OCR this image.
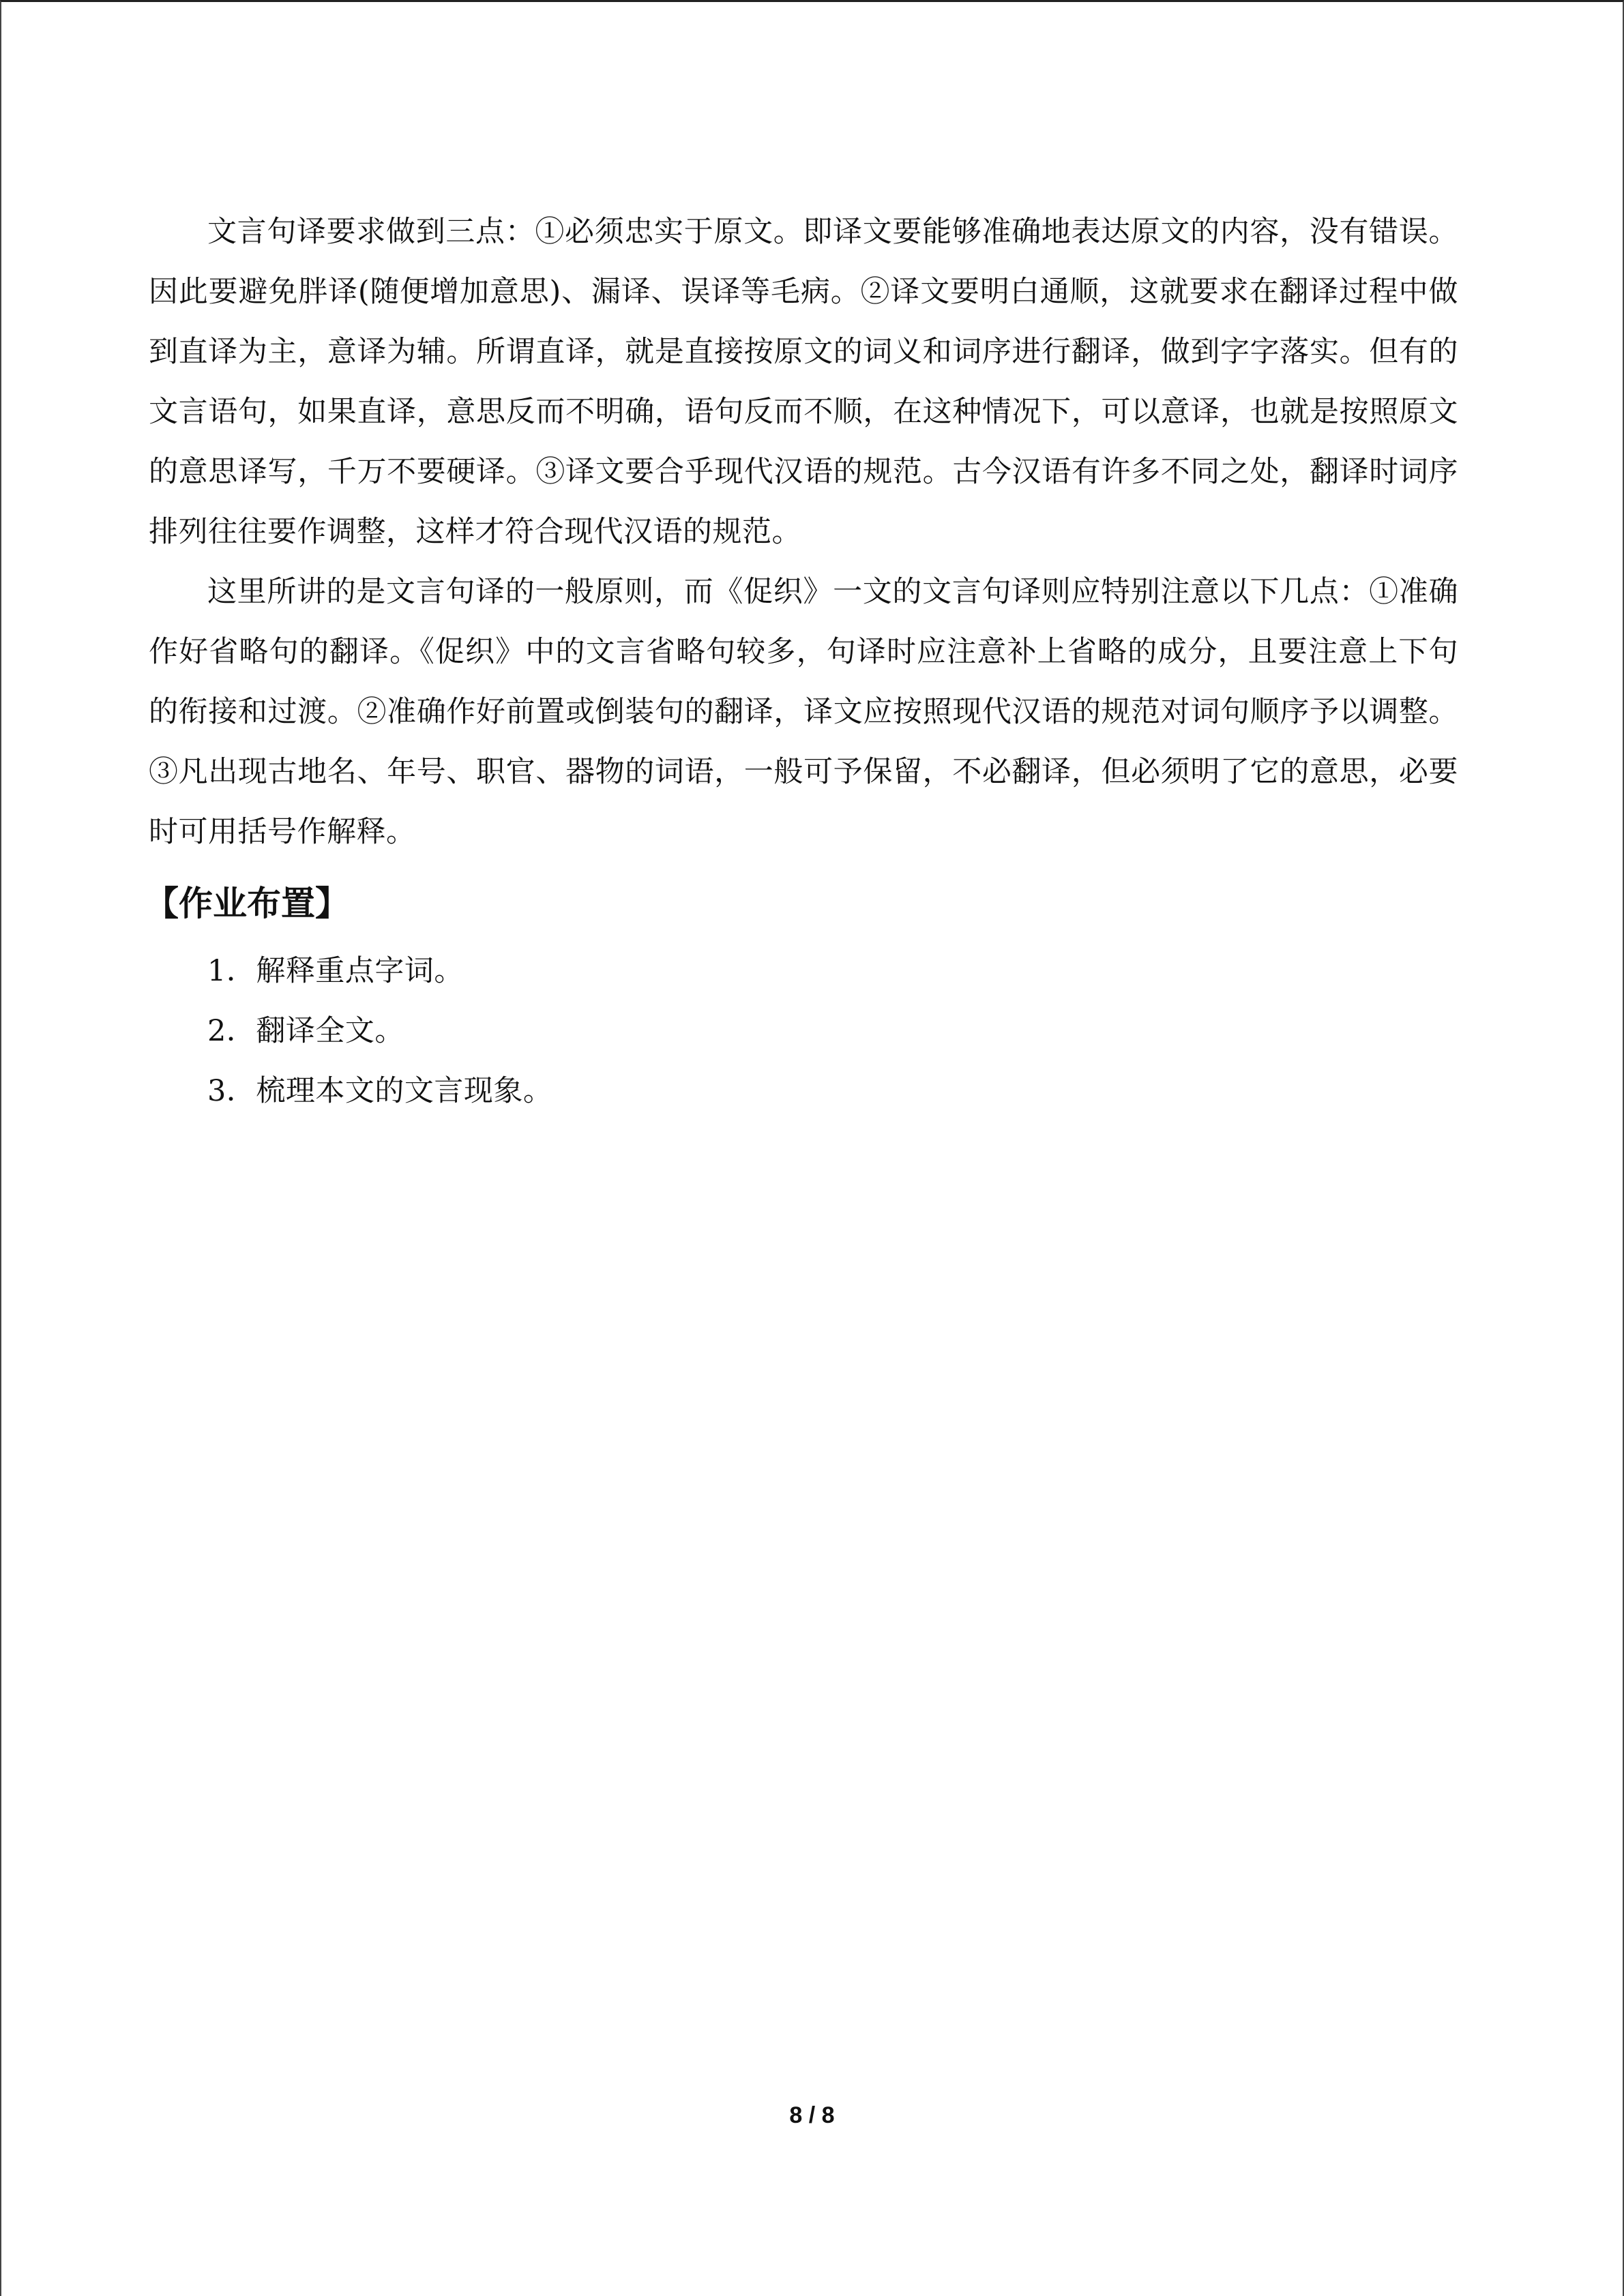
文言句译要求做到三点：①必须忠实于原文。即译文要能够准确地表达原文的内容，没有错误。因此要避免胖译(随便增加意思)、漏译、误译等毛病。②译文要明白通顺，这就要求在翻译过程中做到直译为主，意译为辅。所谓直译，就是直接按原文的词义和词序进行翻译，做到字字落实。但有的文言语句，如果直译，意思反而不明确，语句反而不顺，在这种情况下，可以意译，也就是按照原文的意思译写，千万不要硬译。③译文要合乎现代汉语的规范。古今汉语有许多不同之处，翻译时词序排列往往要作调整，这样才符合现代汉语的规范。

这里所讲的是文言句译的一般原则，而《促织》一文的文言句译则应特别注意以下几点：①准确作好省略句的翻译。《促织》中的文言省略句较多，句译时应注意补上省略的成分，且要注意上下句的衔接和过渡。②准确作好前置或倒装句的翻译，译文应按照现代汉语的规范对词句顺序予以调整。③凡出现古地名、年号、职官、器物的词语，一般可予保留，不必翻译，但必须明了它的意思，必要时可用括号作解释。

【作业布置】
1．解释重点字词。
2．翻译全文。
3．梳理本文的文言现象。
8 / 8
